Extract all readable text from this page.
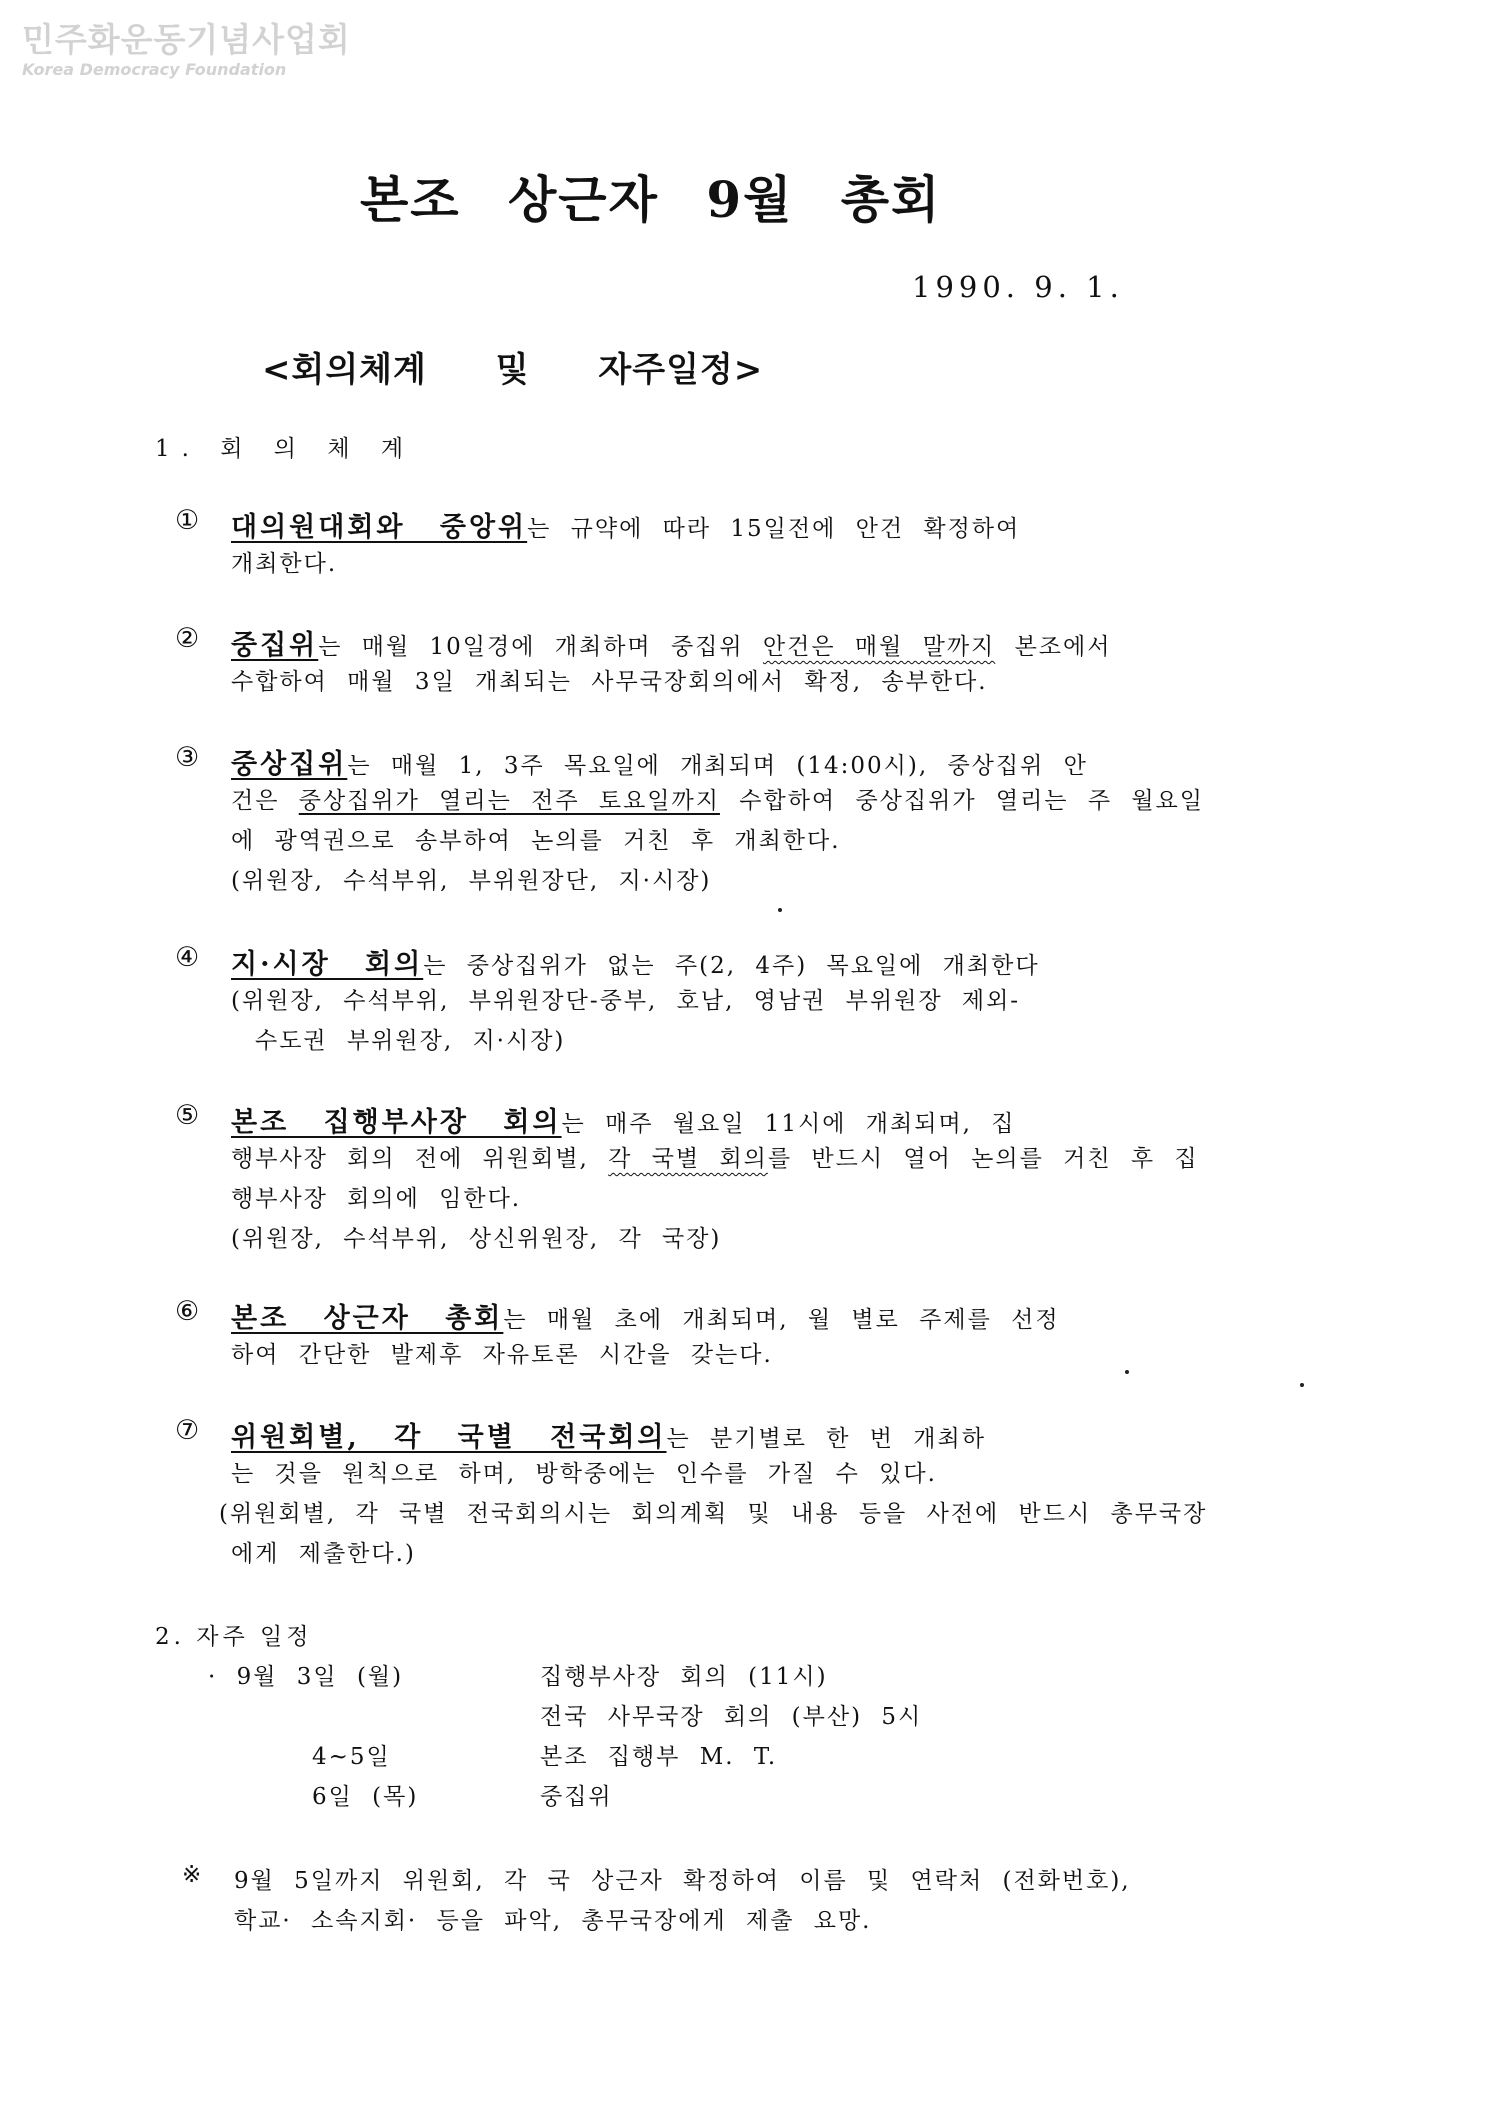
민주화운동기념사업회
Korea Democracy Foundation
본조 상근자 9월 총회
1990. 9. 1.
<회의체계 및 자주일정>
1. 회 의 체 계
① 대의원대회와 중앙위는 규약에 따라 15일전에 안건 확정하여
개최한다.
② 중집위는 매월 10일경에 개최하며 중집위 안건은 매월 말까지 본조에서
수합하여 매월 3일 개최되는 사무국장회의에서 확정, 송부한다.
③ 중상집위는 매월 1, 3주 목요일에 개최되며 (14:00시), 중상집위 안
건은 중상집위가 열리는 전주 토요일까지 수합하여 중상집위가 열리는 주 월요일
에 광역권으로 송부하여 논의를 거친 후 개최한다.
(위원장, 수석부위, 부위원장단, 지·시장)
④ 지·시장 회의는 중상집위가 없는 주(2, 4주) 목요일에 개최한다
(위원장, 수석부위, 부위원장단-중부, 호남, 영남권 부위원장 제외-
수도권 부위원장, 지·시장)
⑤ 본조 집행부사장 회의는 매주 월요일 11시에 개최되며, 집
행부사장 회의 전에 위원회별, 각 국별 회의를 반드시 열어 논의를 거친 후 집
행부사장 회의에 임한다.
(위원장, 수석부위, 상신위원장, 각 국장)
⑥ 본조 상근자 총회는 매월 초에 개최되며, 월 별로 주제를 선정
하여 간단한 발제후 자유토론 시간을 갖는다.
⑦ 위원회별, 각 국별 전국회의는 분기별로 한 번 개최하
는 것을 원칙으로 하며, 방학중에는 인수를 가질 수 있다.
(위원회별, 각 국별 전국회의시는 회의계획 및 내용 등을 사전에 반드시 총무국장
에게 제출한다.)
2. 자주 일정
· 9월 3일 (월)	집행부사장 회의 (11시)
전국 사무국장 회의 (부산) 5시
4~5일	본조 집행부 M. T.
6일 (목)	중집위
※ 9월 5일까지 위원회, 각 국 상근자 확정하여 이름 및 연락처 (전화번호),
학교· 소속지회· 등을 파악, 총무국장에게 제출 요망.
